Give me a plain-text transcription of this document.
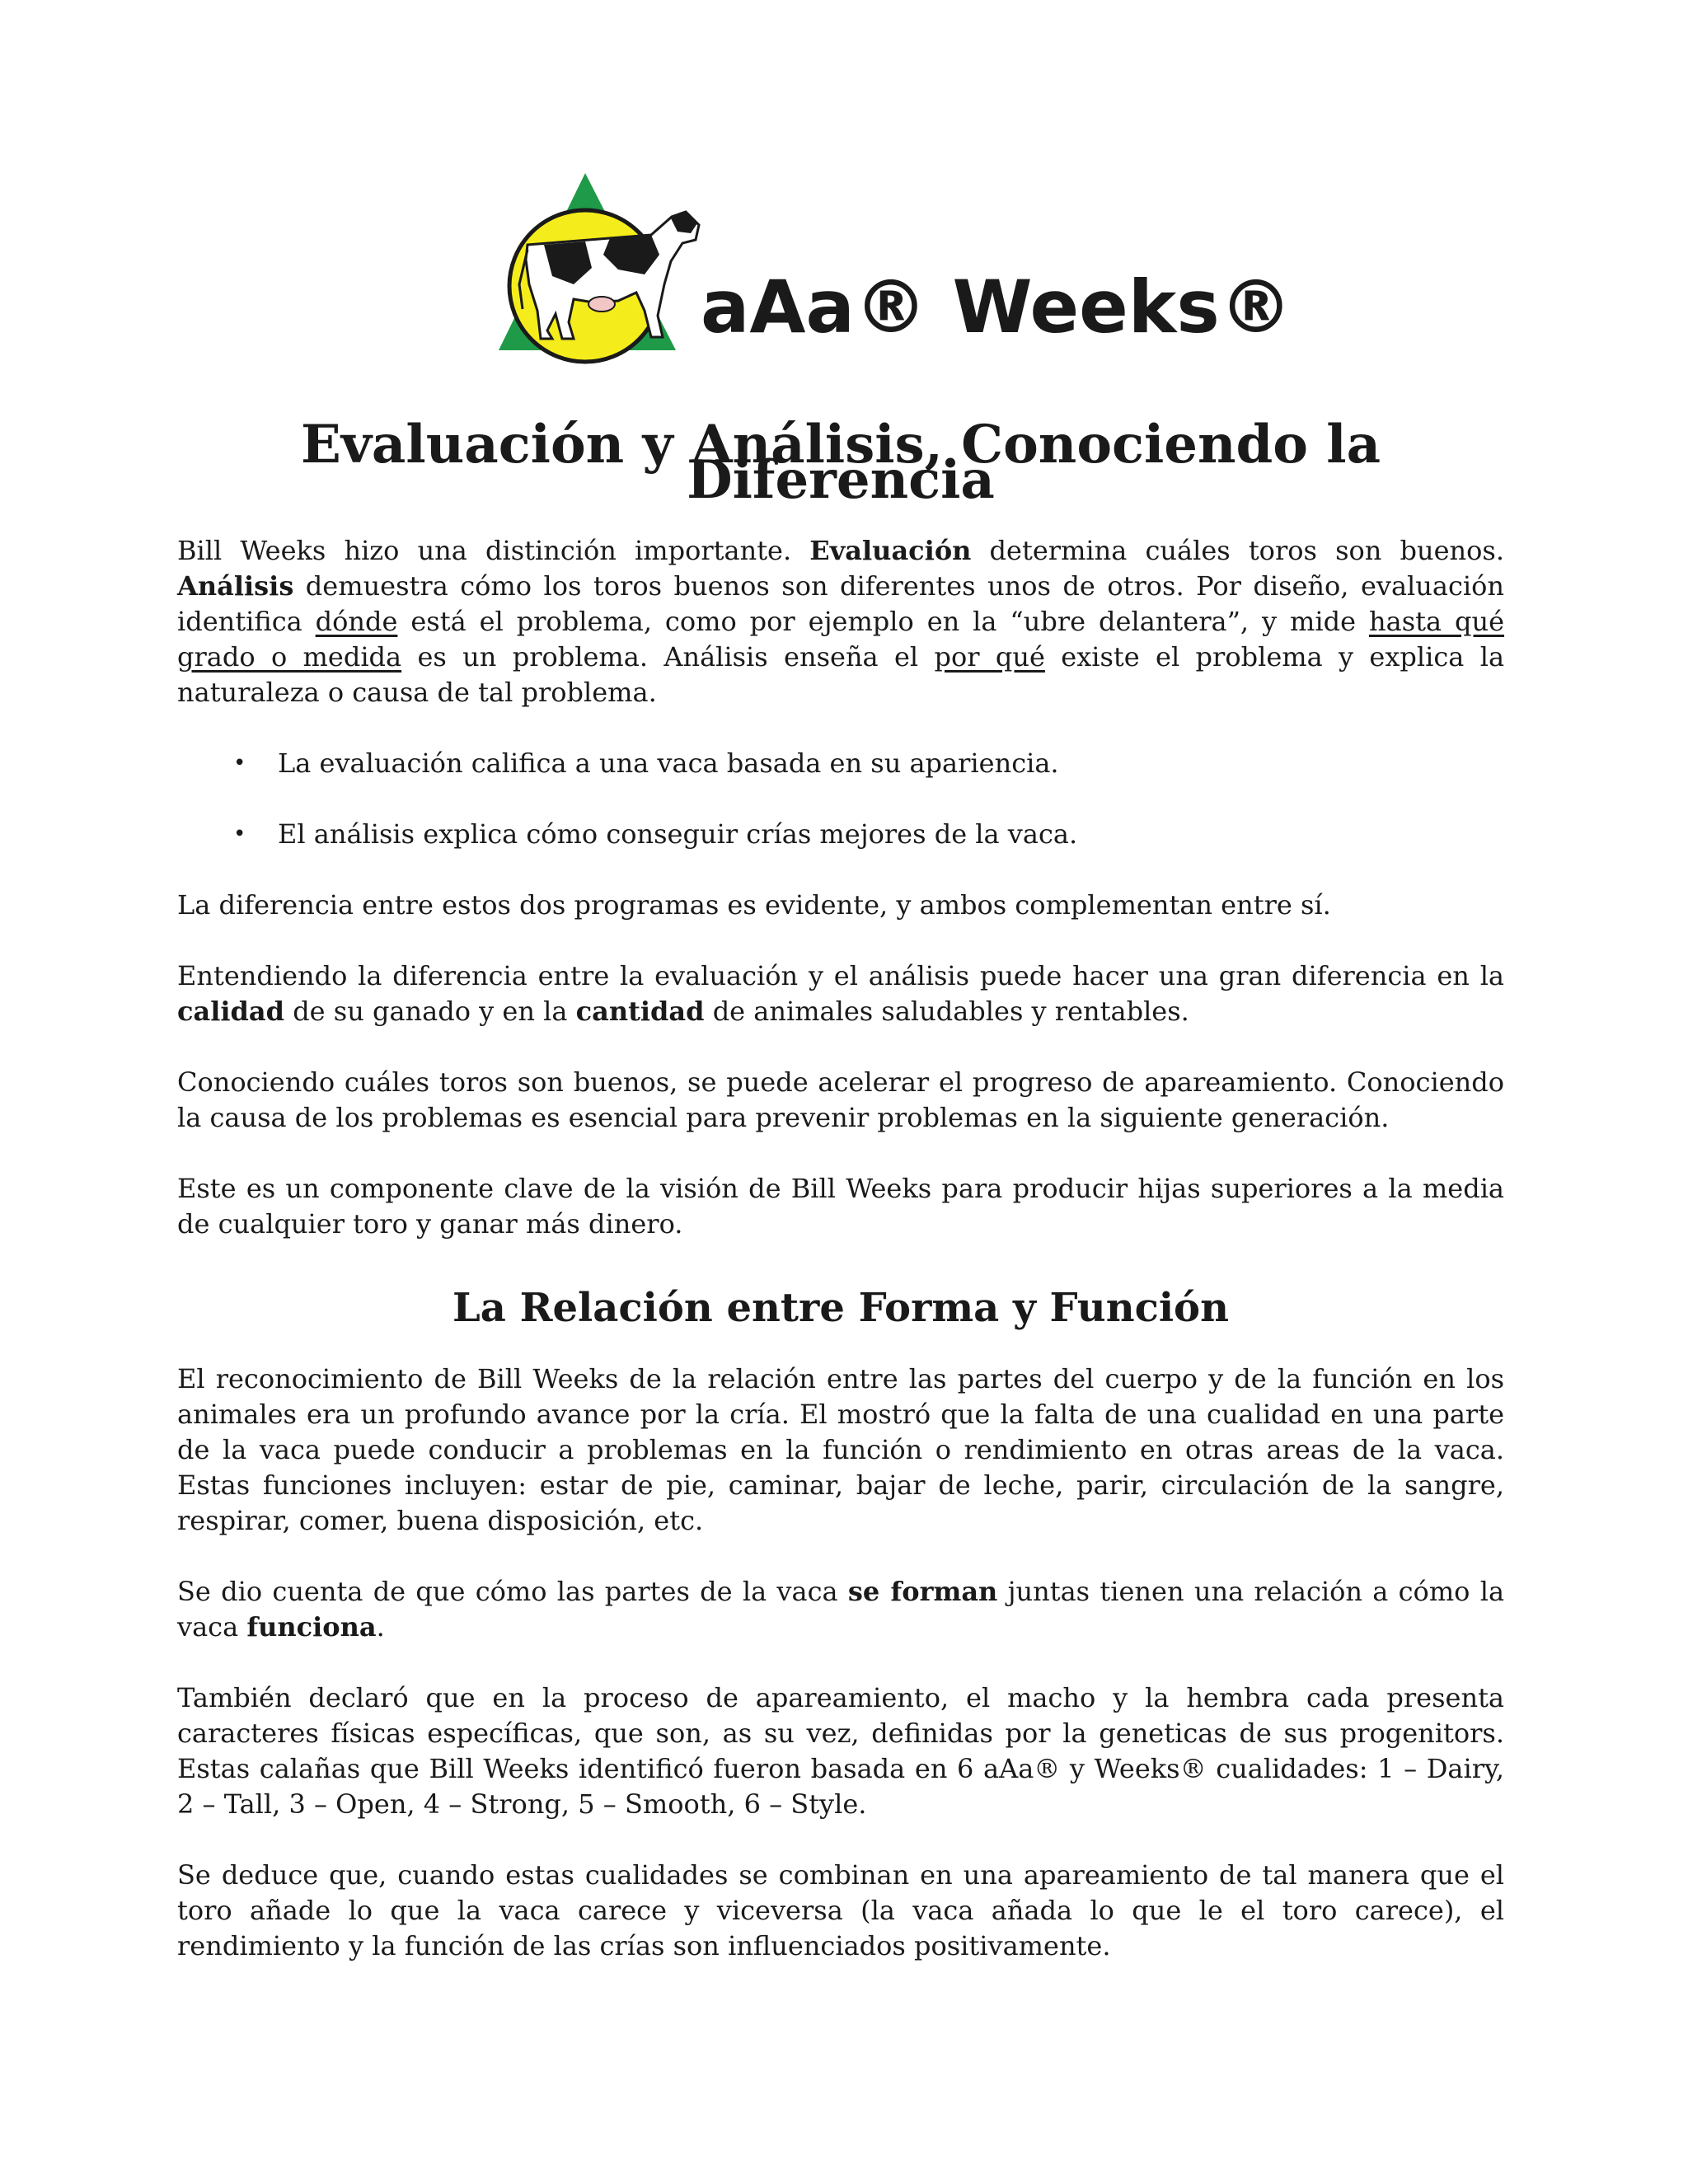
aAa® Weeks®
Evaluación y Análisis, Conociendo la Diferencia

Bill Weeks hizo una distinción importante. Evaluación determina cuáles toros son buenos. Análisis demuestra cómo los toros buenos son diferentes unos de otros. Por diseño, evaluación identifica dónde está el problema, como por ejemplo en la “ubre delantera”, y mide hasta qué grado o medida es un problema. Análisis enseña el por qué existe el problema y explica la naturaleza o causa de tal problema.

• La evaluación califica a una vaca basada en su apariencia.
• El análisis explica cómo conseguir crías mejores de la vaca.

La diferencia entre estos dos programas es evidente, y ambos complementan entre sí.

Entendiendo la diferencia entre la evaluación y el análisis puede hacer una gran diferencia en la calidad de su ganado y en la cantidad de animales saludables y rentables.

Conociendo cuáles toros son buenos, se puede acelerar el progreso de apareamiento. Conociendo la causa de los problemas es esencial para prevenir problemas en la siguiente generación.

Este es un componente clave de la visión de Bill Weeks para producir hijas superiores a la media de cualquier toro y ganar más dinero.

La Relación entre Forma y Función

El reconocimiento de Bill Weeks de la relación entre las partes del cuerpo y de la función en los animales era un profundo avance por la cría. El mostró que la falta de una cualidad en una parte de la vaca puede conducir a problemas en la función o rendimiento en otras areas de la vaca. Estas funciones incluyen: estar de pie, caminar, bajar de leche, parir, circulación de la sangre, respirar, comer, buena disposición, etc.

Se dio cuenta de que cómo las partes de la vaca se forman juntas tienen una relación a cómo la vaca funciona.

También declaró que en la proceso de apareamiento, el macho y la hembra cada presenta caracteres físicas específicas, que son, as su vez, definidas por la geneticas de sus progenitors. Estas calañas que Bill Weeks identificó fueron basada en 6 aAa® y Weeks® cualidades: 1 – Dairy, 2 – Tall, 3 – Open, 4 – Strong, 5 – Smooth, 6 – Style.

Se deduce que, cuando estas cualidades se combinan en una apareamiento de tal manera que el toro añade lo que la vaca carece y viceversa (la vaca añada lo que le el toro carece), el rendimiento y la función de las crías son influenciados positivamente.
